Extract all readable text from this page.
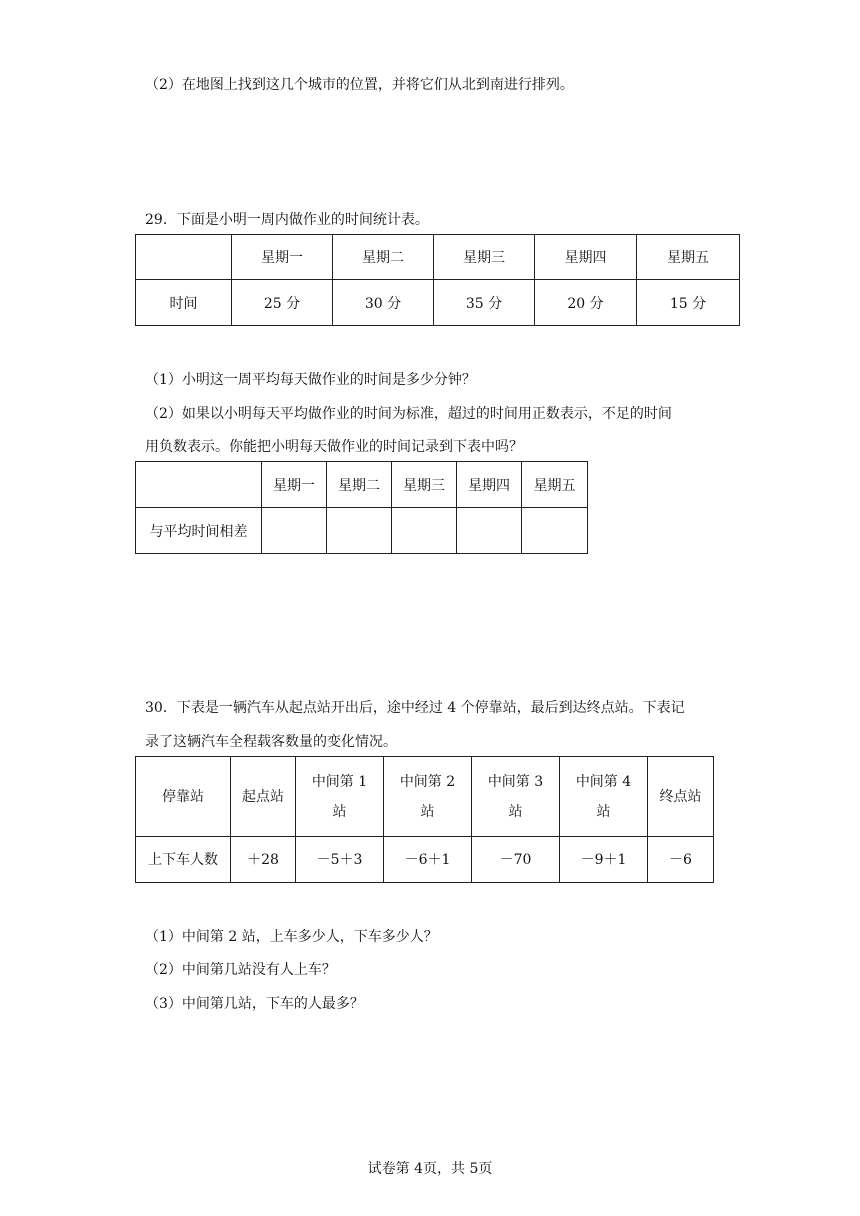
（2）在地图上找到这几个城市的位置，并将它们从北到南进行排列。
29．下面是小明一周内做作业的时间统计表。
	星期一	星期二	星期三	星期四	星期五
时间	25 分	30 分	35 分	20 分	15 分
（1）小明这一周平均每天做作业的时间是多少分钟？
（2）如果以小明每天平均做作业的时间为标准，超过的时间用正数表示，不足的时间
用负数表示。你能把小明每天做作业的时间记录到下表中吗？
	星期一	星期二	星期三	星期四	星期五
与平均时间相差					
30．下表是一辆汽车从起点站开出后，途中经过 4 个停靠站，最后到达终点站。下表记
录了这辆汽车全程载客数量的变化情况。
停靠站	起点站	中间第 1 站	中间第 2 站	中间第 3 站	中间第 4 站	终点站
上下车人数	＋28	－5＋3	－6＋1	－70	－9＋1	－6
（1）中间第 2 站，上车多少人，下车多少人？
（2）中间第几站没有人上车？
（3）中间第几站，下车的人最多？
试卷第 4页，共 5页
